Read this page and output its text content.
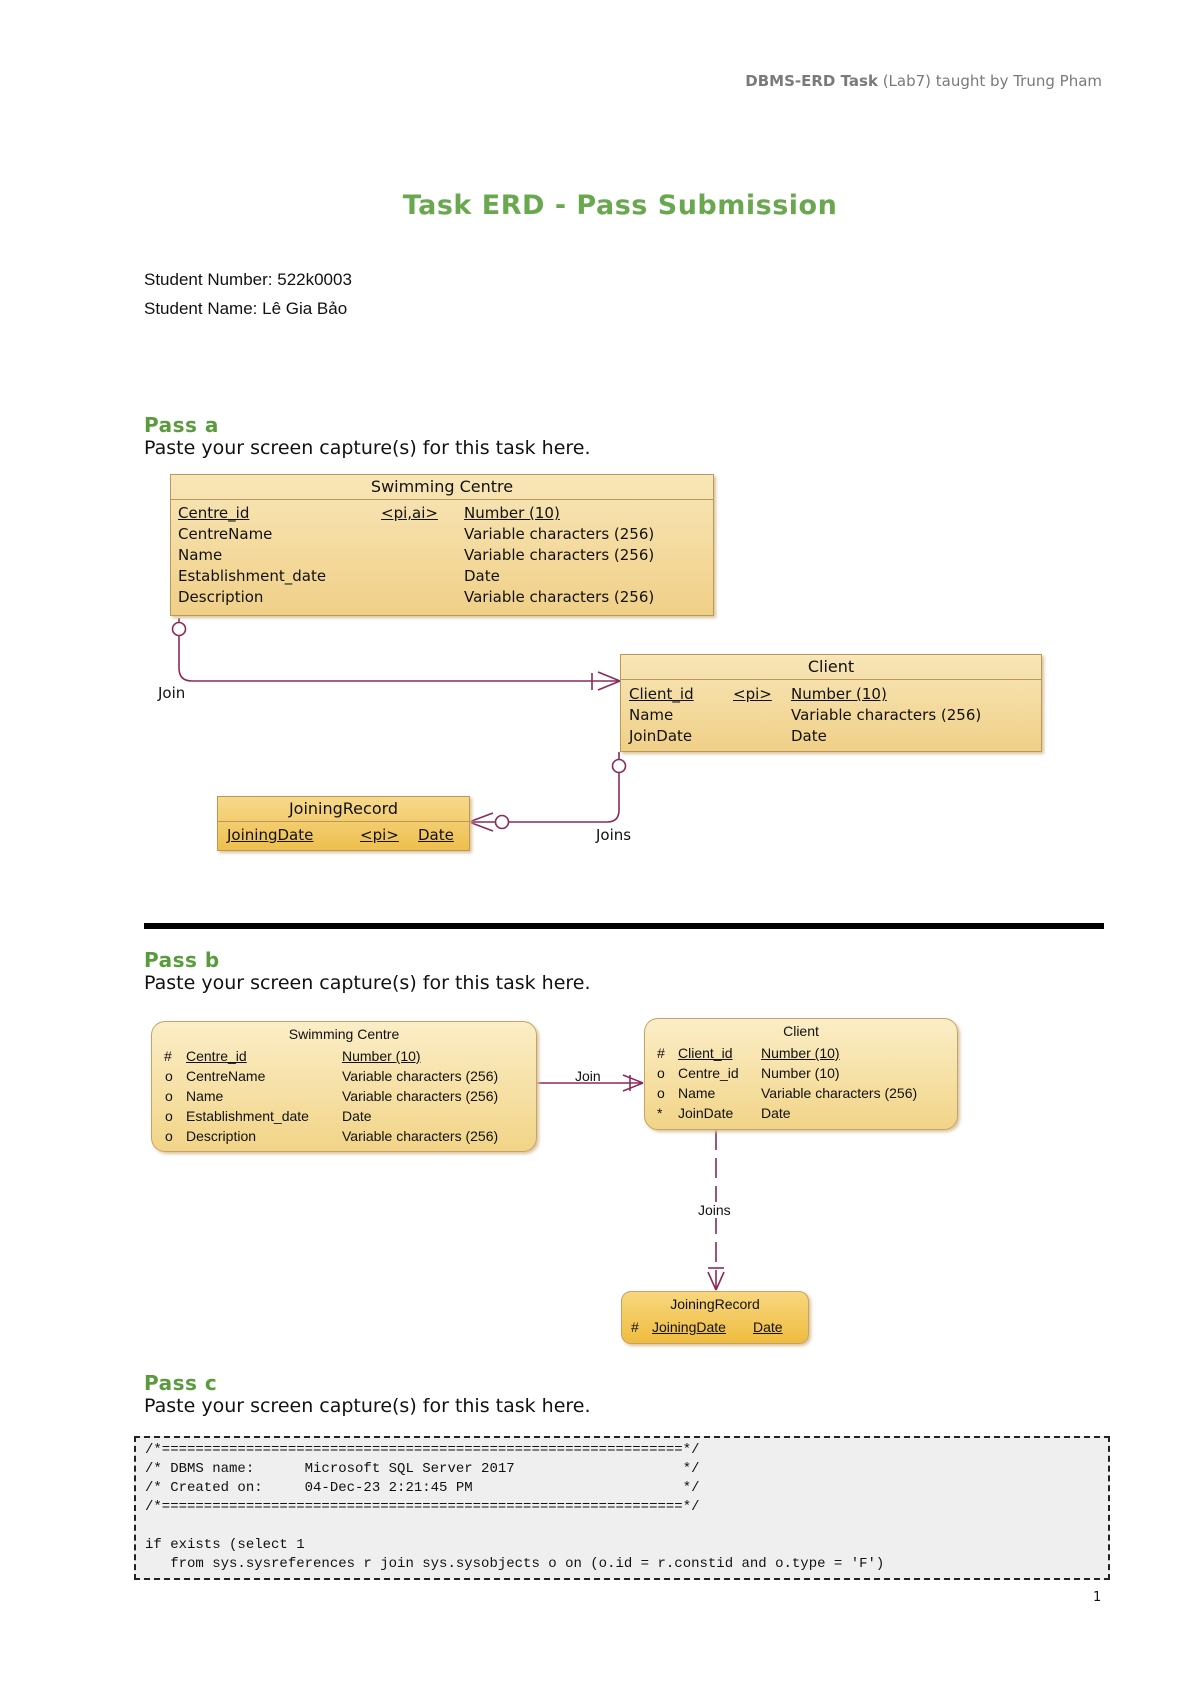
DBMS-ERD Task (Lab7) taught by Trung Pham
Task ERD - Pass Submission
Student Number: 522k0003
Student Name: Lê Gia Bảo
Pass a
Paste your screen capture(s) for this task here.
Join
Joins
Swimming Centre
Centre_id	<pi,ai> Number (10)
CentreName	Variable characters (256)
Name	Variable characters (256)
Establishment_date	Date
Description	Variable characters (256)
Client
Client_id	<pi> Number (10)
Name	Variable characters (256)
JoinDate	Date
JoiningRecord
JoiningDate	<pi> Date
Pass b
Paste your screen capture(s) for this task here.
Join
Joins
Swimming Centre
# Centre_id	Number (10)
o CentreName	Variable characters (256)
o Name	Variable characters (256)
o Establishment_date Date
o Description	Variable characters (256)
Client
# Client_id Number (10)
o Centre_id Number (10)
o Name	Variable characters (256)
* JoinDate Date
JoiningRecord
# JoiningDate Date
Pass c
Paste your screen capture(s) for this task here.
/*==============================================================*/
/* DBMS name:      Microsoft SQL Server 2017                    */
/* Created on:     04-Dec-23 2:21:45 PM                         */
/*==============================================================*/

if exists (select 1
from sys.sysreferences r join sys.sysobjects o on (o.id = r.constid and o.type = 'F')
1
